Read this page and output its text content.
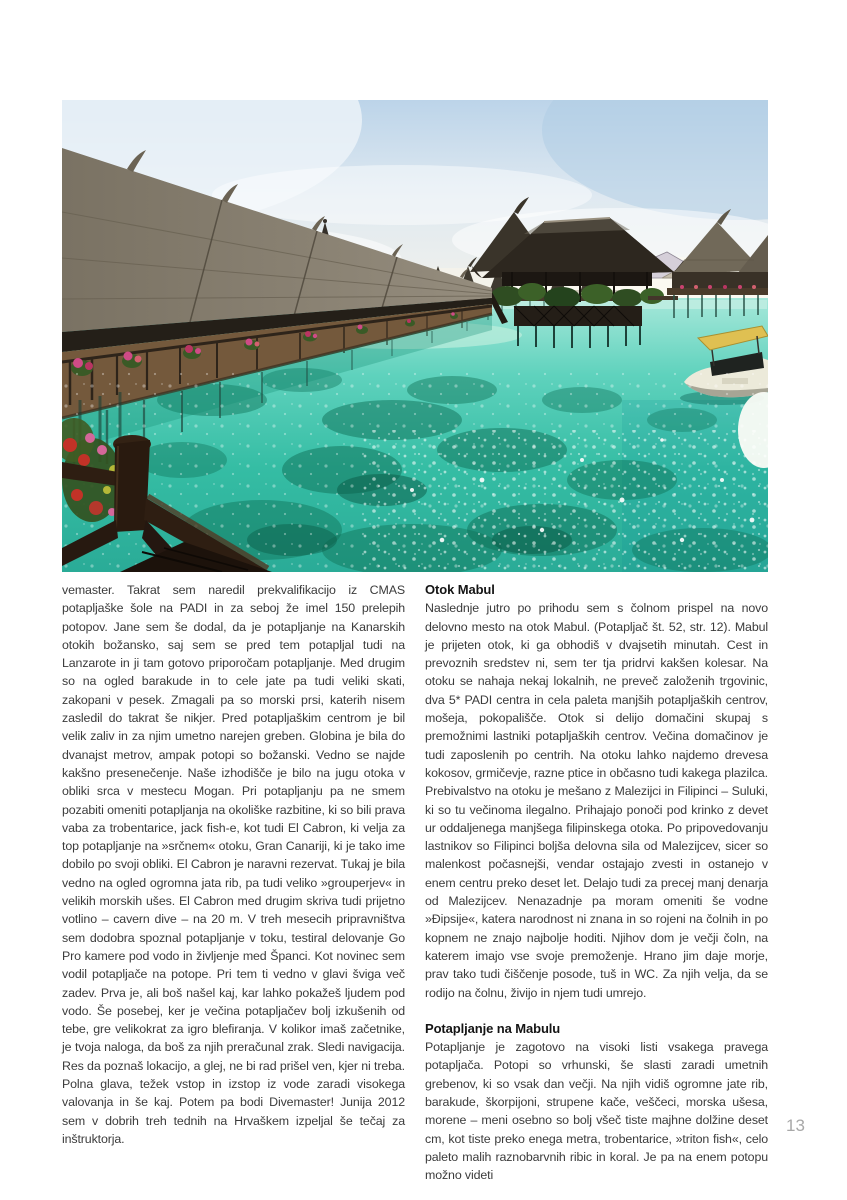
vemaster. Takrat sem naredil prekvalifikacijo iz CMAS potapljaške šole na PADI in za seboj že imel 150 prelepih potopov. Jane sem še dodal, da je potapljanje na Kanarskih otokih božansko, saj sem se pred tem potapljal tudi na Lanzarote in ji tam gotovo priporočam potapljanje. Med drugim so na ogled barakude in to cele jate pa tudi veliki skati, zakopani v pesek. Zmagali pa so morski prsi, katerih nisem zasledil do takrat še nikjer. Pred potapljaškim centrom je bil velik zaliv in za njim umetno narejen greben. Globina je bila do dvanajst metrov, ampak potopi so božanski. Vedno se najde kakšno presenečenje. Naše izhodišče je bilo na jugu otoka v obliki srca v mestecu Mogan. Pri potapljanju pa ne smem pozabiti omeniti potapljanja na okoliške razbitine, ki so bili prava vaba za trobentarice, jack fish-e, kot tudi El Cabron, ki velja za top potapljanje na »srčnem« otoku, Gran Canariji, ki je tako ime dobilo po svoji obliki. El Cabron je naravni rezervat. Tukaj je bila vedno na ogled ogromna jata rib, pa tudi veliko »grouperjev« in velikih morskih ušes. El Cabron med drugim skriva tudi prijetno votlino – cavern dive – na 20 m. V treh mesecih pripravništva sem dodobra spoznal potapljanje v toku, testiral delovanje Go Pro kamere pod vodo in življenje med Španci. Kot novinec sem vodil potapljače na potope. Pri tem ti vedno v glavi šviga več zadev. Prva je, ali boš našel kaj, kar lahko pokažeš ljudem pod vodo. Še posebej, ker je večina potapljačev bolj izkušenih od tebe, gre velikokrat za igro blefiranja. V kolikor imaš začetnike, je tvoja naloga, da boš za njih preračunal zrak. Sledi navigacija. Res da poznaš lokacijo, a glej, ne bi rad prišel ven, kjer ni treba. Polna glava, težek vstop in izstop iz vode zaradi visokega valovanja in še kaj. Potem pa bodi Divemaster! Junija 2012 sem v dobrih treh tednih na Hrvaškem izpeljal še tečaj za inštruktorja.

Otok Mabul

Naslednje jutro po prihodu sem s čolnom prispel na novo delovno mesto na otok Mabul. (Potapljač št. 52, str. 12). Mabul je prijeten otok, ki ga obhodiš v dvajsetih minutah. Cest in prevoznih sredstev ni, sem ter tja pridrvi kakšen kolesar. Na otoku se nahaja nekaj lokalnih, ne preveč založenih trgovinic, dva 5* PADI centra in cela paleta manjših potapljaških centrov, mošeja, pokopališče. Otok si delijo domačini skupaj s premožnimi lastniki potapljaških centrov. Večina domačinov je tudi zaposlenih po centrih. Na otoku lahko najdemo drevesa kokosov, grmičevje, razne ptice in občasno tudi kakega plazilca. Prebivalstvo na otoku je mešano z Malezijci in Filipinci – Suluki, ki so tu večinoma ilegalno. Prihajajo ponoči pod krinko z devet ur oddaljenega manjšega filipinskega otoka. Po pripovedovanju lastnikov so Filipinci boljša delovna sila od Malezijcev, sicer so malenkost počasnejši, vendar ostajajo zvesti in ostanejo v enem centru preko deset let. Delajo tudi za precej manj denarja od Malezijcev. Nenazadnje pa moram omeniti še vodne »Đipsije«, katera narodnost ni znana in so rojeni na čolnih in po kopnem ne znajo najbolje hoditi. Njihov dom je večji čoln, na katerem imajo vse svoje premoženje. Hrano jim daje morje, prav tako tudi čiščenje posode, tuš in WC. Za njih velja, da se rodijo na čolnu, živijo in njem tudi umrejo.

Potapljanje na Mabulu

Potapljanje je zagotovo na visoki listi vsakega pravega potapljača. Potopi so vrhunski, še slasti zaradi umetnih grebenov, ki so vsak dan večji. Na njih vidiš ogromne jate rib, barakude, škorpijoni, strupene kače, veščeci, morska ušesa, morene – meni osebno so bolj všeč tiste majhne dolžine deset cm, kot tiste preko enega metra, trobentarice, »triton fish«, celo paleto malih raznobarvnih ribic in koral. Je pa na enem potopu možno videti

13
